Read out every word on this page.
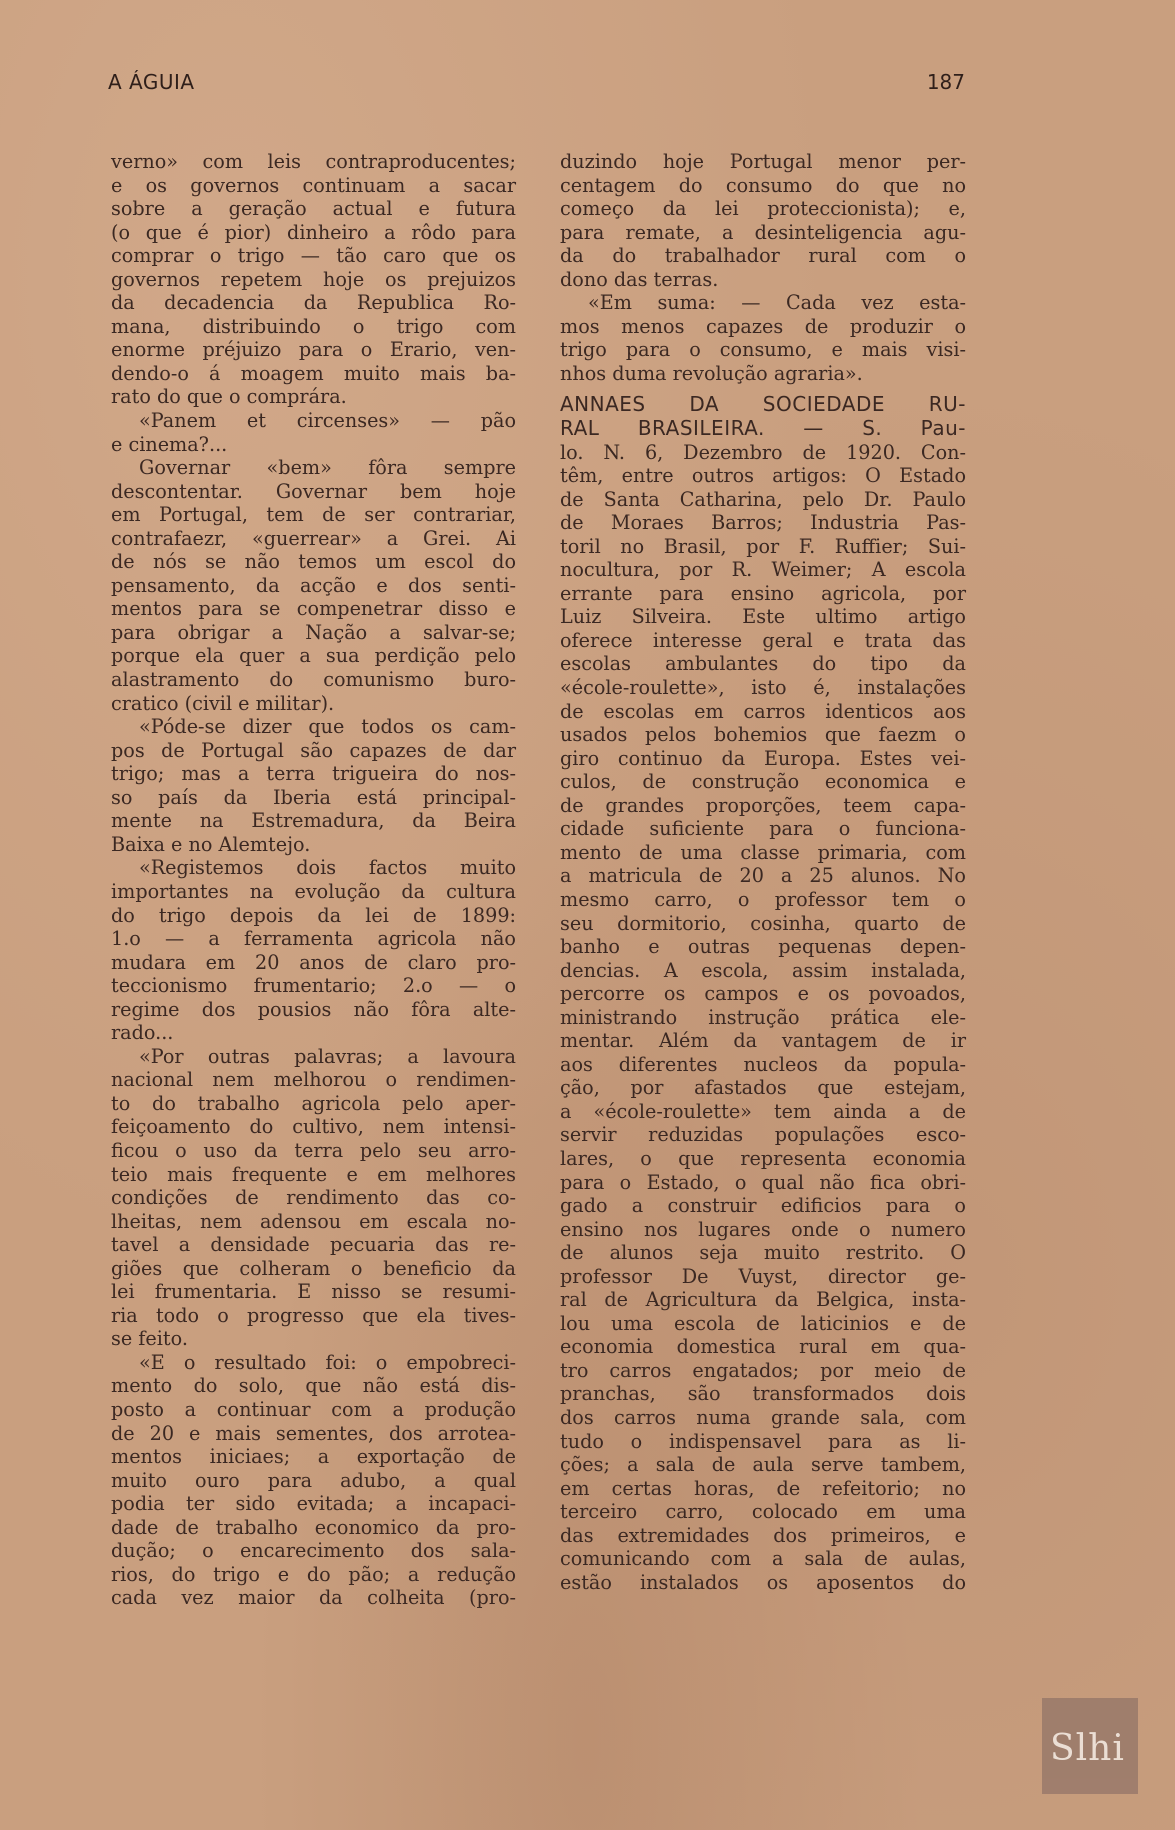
A ÁGUIA	187
verno» com leis contraproducentes;
e os governos continuam a sacar
sobre a geração actual e futura
(o que é pior) dinheiro a rôdo para
comprar o trigo — tão caro que os
governos repetem hoje os prejuizos
da decadencia da Republica Ro-
mana, distribuindo o trigo com
enorme préjuizo para o Erario, ven-
dendo-o á moagem muito mais ba-
rato do que o comprára.
«Panem et circenses» — pão
e cinema?...
Governar «bem» fôra sempre
descontentar. Governar bem hoje
em Portugal, tem de ser contrariar,
contrafaezr, «guerrear» a Grei. Ai
de nós se não temos um escol do
pensamento, da acção e dos senti-
mentos para se compenetrar disso e
para obrigar a Nação a salvar-se;
porque ela quer a sua perdição pelo
alastramento do comunismo buro-
cratico (civil e militar).
«Póde-se dizer que todos os cam-
pos de Portugal são capazes de dar
trigo; mas a terra trigueira do nos-
so país da Iberia está principal-
mente na Estremadura, da Beira
Baixa e no Alemtejo.
«Registemos dois factos muito
importantes na evolução da cultura
do trigo depois da lei de 1899:
1.o — a ferramenta agricola não
mudara em 20 anos de claro pro-
teccionismo frumentario; 2.o — o
regime dos pousios não fôra alte-
rado...
«Por outras palavras; a lavoura
nacional nem melhorou o rendimen-
to do trabalho agricola pelo aper-
feiçoamento do cultivo, nem intensi-
ficou o uso da terra pelo seu arro-
teio mais frequente e em melhores
condições de rendimento das co-
lheitas, nem adensou em escala no-
tavel a densidade pecuaria das re-
giões que colheram o beneficio da
lei frumentaria. E nisso se resumi-
ria todo o progresso que ela tives-
se feito.
«E o resultado foi: o empobreci-
mento do solo, que não está dis-
posto a continuar com a produção
de 20 e mais sementes, dos arrotea-
mentos iniciaes; a exportação de
muito ouro para adubo, a qual
podia ter sido evitada; a incapaci-
dade de trabalho economico da pro-
dução; o encarecimento dos sala-
rios, do trigo e do pão; a redução
cada vez maior da colheita (pro-
duzindo hoje Portugal menor per-
centagem do consumo do que no
começo da lei proteccionista); e,
para remate, a desinteligencia agu-
da do trabalhador rural com o
dono das terras.
«Em suma: — Cada vez esta-
mos menos capazes de produzir o
trigo para o consumo, e mais visi-
nhos duma revolução agraria».
ANNAES DA SOCIEDADE RU-
RAL BRASILEIRA. — S. Pau-
lo. N. 6, Dezembro de 1920. Con-
têm, entre outros artigos: O Estado
de Santa Catharina, pelo Dr. Paulo
de Moraes Barros; Industria Pas-
toril no Brasil, por F. Ruffier; Sui-
nocultura, por R. Weimer; A escola
errante para ensino agricola, por
Luiz Silveira. Este ultimo artigo
oferece interesse geral e trata das
escolas ambulantes do tipo da
«école-roulette», isto é, instalações
de escolas em carros identicos aos
usados pelos bohemios que faezm o
giro continuo da Europa. Estes vei-
culos, de construção economica e
de grandes proporções, teem capa-
cidade suficiente para o funciona-
mento de uma classe primaria, com
a matricula de 20 a 25 alunos. No
mesmo carro, o professor tem o
seu dormitorio, cosinha, quarto de
banho e outras pequenas depen-
dencias. A escola, assim instalada,
percorre os campos e os povoados,
ministrando instrução prática ele-
mentar. Além da vantagem de ir
aos diferentes nucleos da popula-
ção, por afastados que estejam,
a «école-roulette» tem ainda a de
servir reduzidas populações esco-
lares, o que representa economia
para o Estado, o qual não fica obri-
gado a construir edificios para o
ensino nos lugares onde o numero
de alunos seja muito restrito. O
professor De Vuyst, director ge-
ral de Agricultura da Belgica, insta-
lou uma escola de laticinios e de
economia domestica rural em qua-
tro carros engatados; por meio de
pranchas, são transformados dois
dos carros numa grande sala, com
tudo o indispensavel para as li-
ções; a sala de aula serve tambem,
em certas horas, de refeitorio; no
terceiro carro, colocado em uma
das extremidades dos primeiros, e
comunicando com a sala de aulas,
estão instalados os aposentos do
Slhi
